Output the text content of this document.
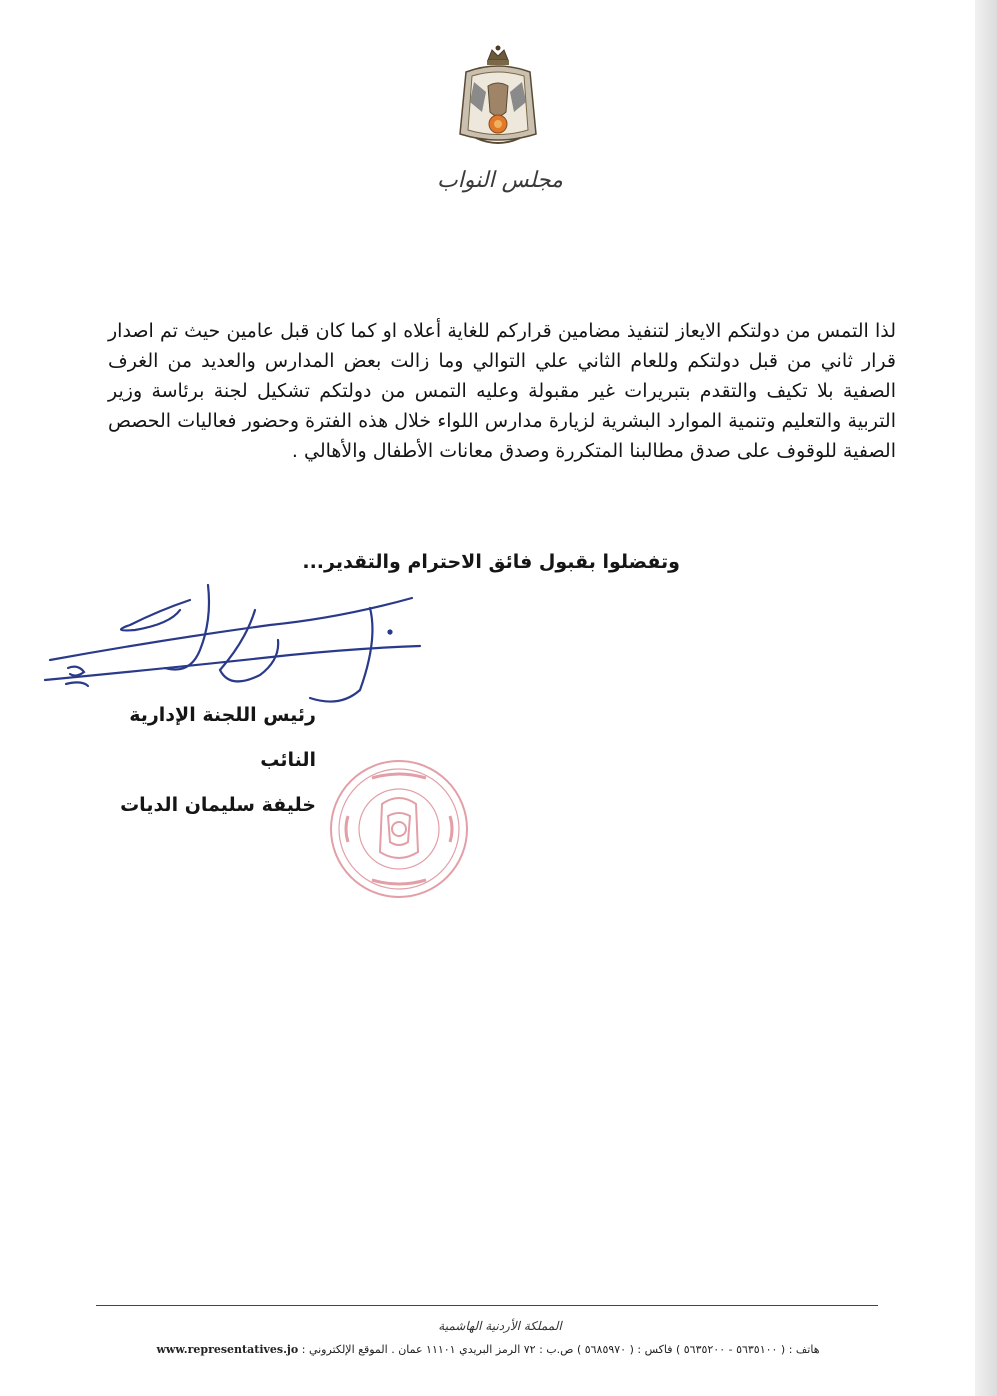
مجلس النواب

لذا التمس من دولتكم الايعاز لتنفيذ مضامين قراركم للغاية أعلاه او كما كان قبل عامين حيث تم اصدار قرار ثاني من قبل دولتكم وللعام الثاني علي التوالي وما زالت بعض المدارس والعديد من الغرف الصفية بلا تكيف والتقدم بتبريرات غير مقبولة وعليه التمس من دولتكم تشكيل لجنة برئاسة وزير التربية والتعليم وتنمية الموارد البشرية لزيارة مدارس اللواء خلال هذه الفترة وحضور فعاليات الحصص الصفية للوقوف على صدق مطالبنا المتكررة وصدق معانات الأطفال والأهالي .

وتفضلوا بقبول فائق الاحترام والتقدير...
رئيس اللجنة الإدارية
النائب
خليفة سليمان الديات
المملكة الأردنية الهاشمية
هاتف : ( ٥٦٣٥١٠٠ - ٥٦٣٥٢٠٠ ) فاكس : ( ٥٦٨٥٩٧٠ ) ص.ب : ٧٢ الرمز البريدي ١١١٠١ عمان . الموقع الإلكتروني : www.representatives.jo
